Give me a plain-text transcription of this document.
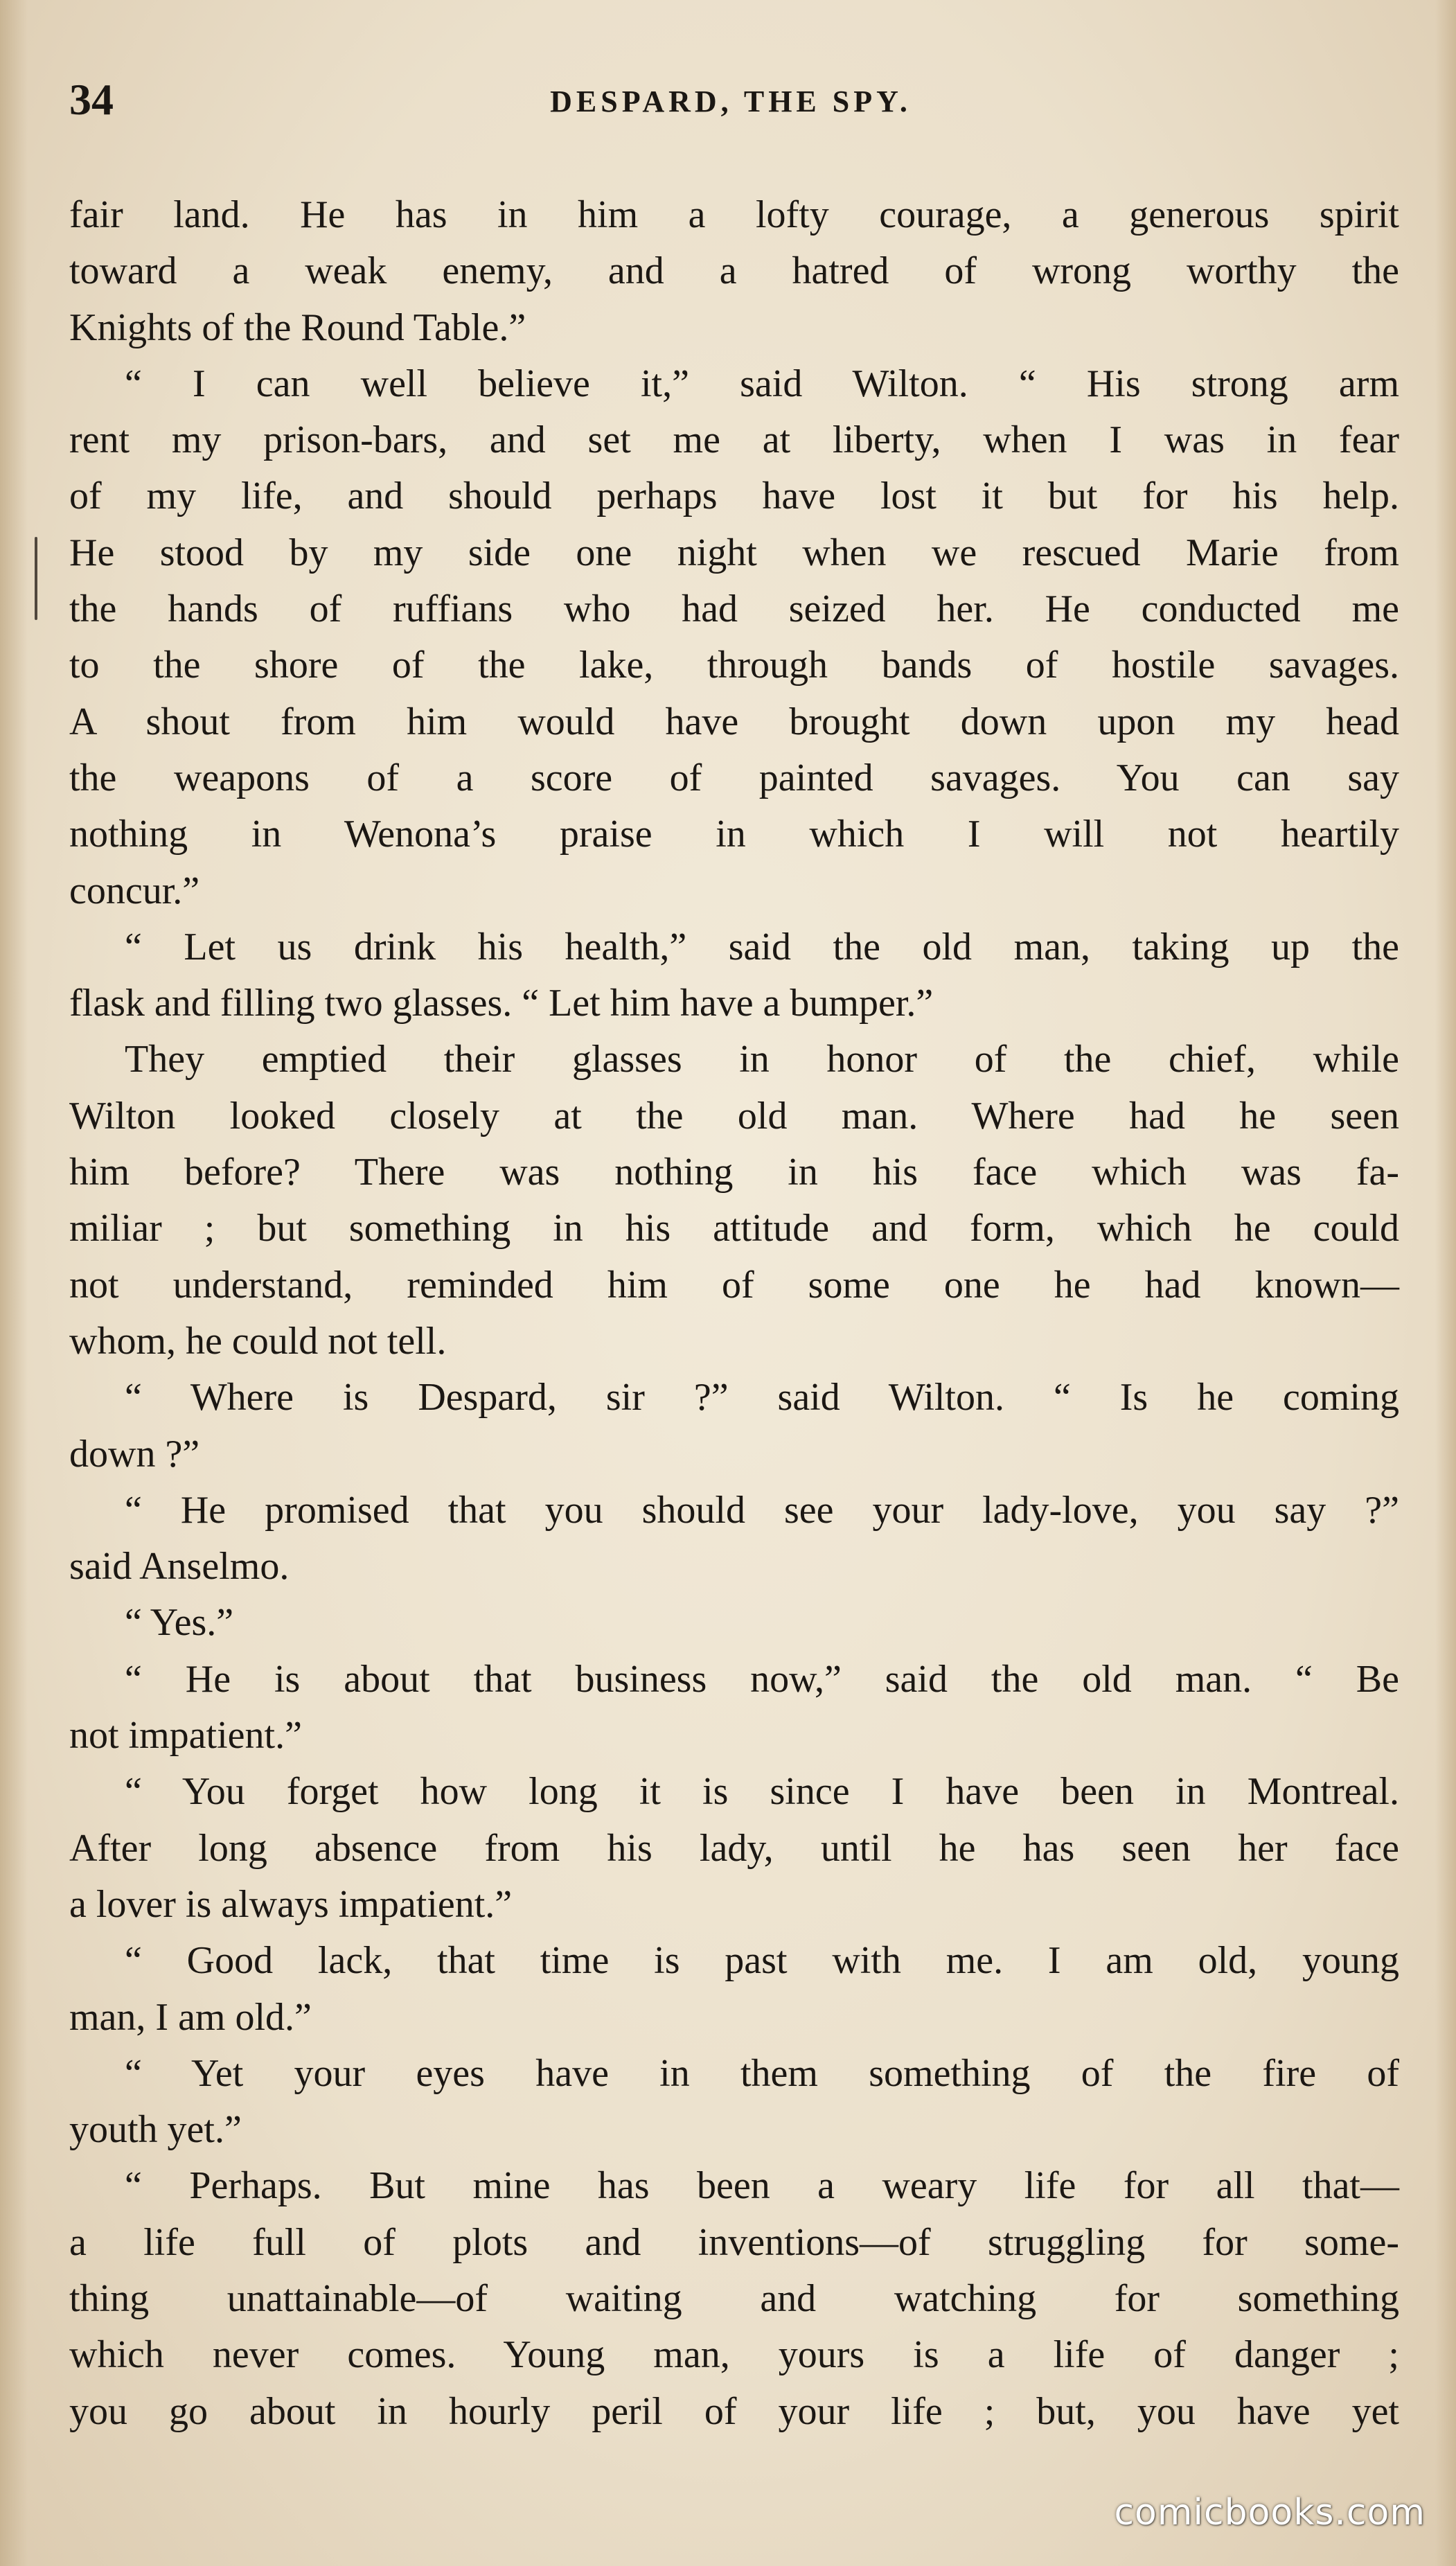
34	DESPARD, THE SPY.
fair land. He has in him a lofty courage, a generous spirit
toward a weak enemy, and a hatred of wrong worthy the
Knights of the Round Table.”
“ I can well believe it,” said Wilton. “ His strong arm
rent my prison-bars, and set me at liberty, when I was in fear
of my life, and should perhaps have lost it but for his help.
He stood by my side one night when we rescued Marie from
the hands of ruffians who had seized her. He conducted me
to the shore of the lake, through bands of hostile savages.
A shout from him would have brought down upon my head
the weapons of a score of painted savages. You can say
nothing in Wenona’s praise in which I will not heartily
concur.”
“ Let us drink his health,” said the old man, taking up the
flask and filling two glasses. “ Let him have a bumper.”
They emptied their glasses in honor of the chief, while
Wilton looked closely at the old man. Where had he seen
him before? There was nothing in his face which was fa-
miliar ; but something in his attitude and form, which he could
not understand, reminded him of some one he had known—
whom, he could not tell.
“ Where is Despard, sir ?” said Wilton. “ Is he coming
down ?”
“ He promised that you should see your lady-love, you say ?”
said Anselmo.
“ Yes.”
“ He is about that business now,” said the old man. “ Be
not impatient.”
“ You forget how long it is since I have been in Montreal.
After long absence from his lady, until he has seen her face
a lover is always impatient.”
“ Good lack, that time is past with me. I am old, young
man, I am old.”
“ Yet your eyes have in them something of the fire of
youth yet.”
“ Perhaps. But mine has been a weary life for all that—
a life full of plots and inventions—of struggling for some-
thing unattainable—of waiting and watching for something
which never comes. Young man, yours is a life of danger ;
you go about in hourly peril of your life ; but, you have yet
comicbooks.com
